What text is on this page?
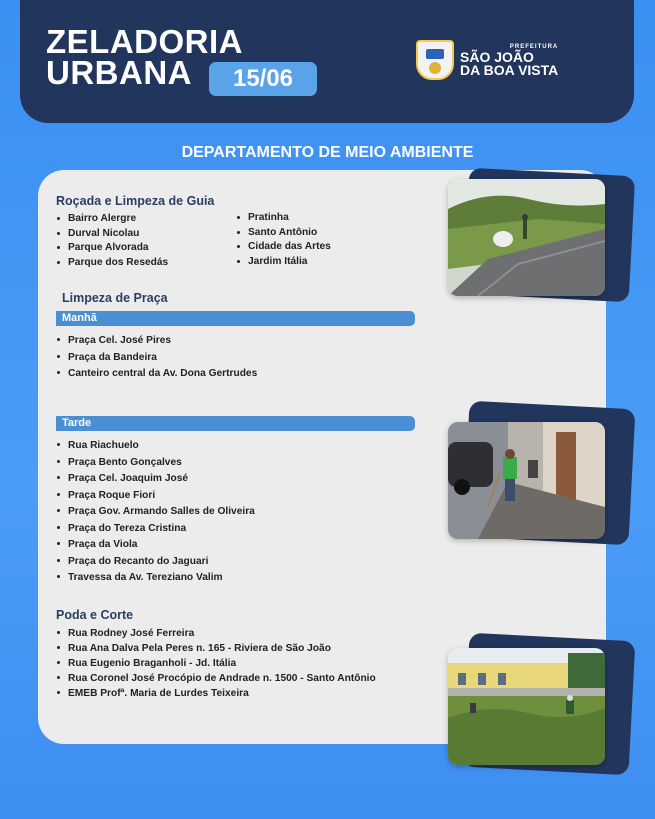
ZELADORIA
URBANA	15/06
PREFEITURA
SÃO JOÃO
DA BOA VISTA
DEPARTAMENTO DE MEIO AMBIENTE
Roçada e Limpeza de Guia
Bairro Alergre
Durval Nicolau
Parque Alvorada
Parque dos Resedás
Pratinha
Santo Antônio
Cidade das Artes
Jardim Itália
Limpeza de Praça
Manhã
Praça Cel. José Pires
Praça da Bandeira
Canteiro central da Av. Dona Gertrudes
Tarde
Rua Riachuelo
Praça Bento Gonçalves
Praça Cel. Joaquim José
Praça Roque Fiori
Praça Gov. Armando Salles de Oliveira
Praça do Tereza Cristina
Praça da Viola
Praça do Recanto do Jaguari
Travessa da Av. Tereziano Valim
Poda e Corte
Rua Rodney José Ferreira
Rua Ana Dalva Pela Peres n. 165 - Riviera de São João
Rua Eugenio Braganholi - Jd. Itália
Rua Coronel José Procópio de Andrade n. 1500 - Santo Antônio
EMEB Profª. Maria de Lurdes Teixeira
